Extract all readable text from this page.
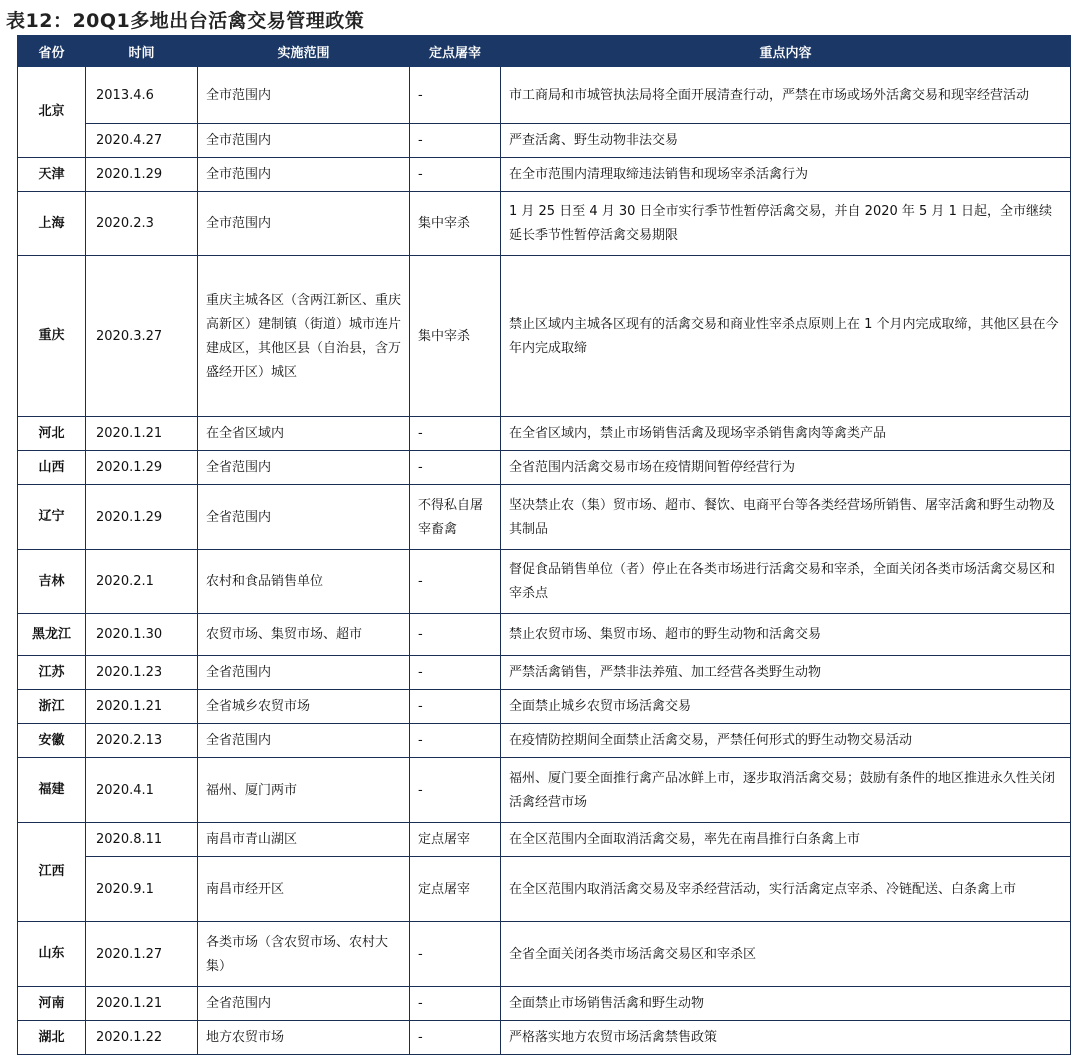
表12：20Q1多地出台活禽交易管理政策
省份	时间	实施范围	定点屠宰	重点内容
北京	2013.4.6	全市范围内	-	市工商局和市城管执法局将全面开展清查行动，严禁在市场或场外活禽交易和现宰经营活动
	2020.4.27	全市范围内	-	严查活禽、野生动物非法交易
天津	2020.1.29	全市范围内	-	在全市范围内清理取缔违法销售和现场宰杀活禽行为
上海	2020.2.3	全市范围内	集中宰杀	1 月 25 日至 4 月 30 日全市实行季节性暂停活禽交易，并自 2020 年 5 月 1 日起，全市继续延长季节性暂停活禽交易期限
重庆	2020.3.27	重庆主城各区（含两江新区、重庆高新区）建制镇（街道）城市连片建成区，其他区县（自治县，含万盛经开区）城区	集中宰杀	禁止区域内主城各区现有的活禽交易和商业性宰杀点原则上在 1 个月内完成取缔，其他区县在今年内完成取缔
河北	2020.1.21	在全省区域内	-	在全省区域内，禁止市场销售活禽及现场宰杀销售禽肉等禽类产品
山西	2020.1.29	全省范围内	-	全省范围内活禽交易市场在疫情期间暂停经营行为
辽宁	2020.1.29	全省范围内	不得私自屠宰畜禽	坚决禁止农（集）贸市场、超市、餐饮、电商平台等各类经营场所销售、屠宰活禽和野生动物及其制品
吉林	2020.2.1	农村和食品销售单位	-	督促食品销售单位（者）停止在各类市场进行活禽交易和宰杀，全面关闭各类市场活禽交易区和宰杀点
黑龙江	2020.1.30	农贸市场、集贸市场、超市	-	禁止农贸市场、集贸市场、超市的野生动物和活禽交易
江苏	2020.1.23	全省范围内	-	严禁活禽销售，严禁非法养殖、加工经营各类野生动物
浙江	2020.1.21	全省城乡农贸市场	-	全面禁止城乡农贸市场活禽交易
安徽	2020.2.13	全省范围内	-	在疫情防控期间全面禁止活禽交易，严禁任何形式的野生动物交易活动
福建	2020.4.1	福州、厦门两市	-	福州、厦门要全面推行禽产品冰鲜上市，逐步取消活禽交易；鼓励有条件的地区推进永久性关闭活禽经营市场
江西	2020.8.11	南昌市青山湖区	定点屠宰	在全区范围内全面取消活禽交易，率先在南昌推行白条禽上市
	2020.9.1	南昌市经开区	定点屠宰	在全区范围内取消活禽交易及宰杀经营活动，实行活禽定点宰杀、冷链配送、白条禽上市
山东	2020.1.27	各类市场（含农贸市场、农村大集）	-	全省全面关闭各类市场活禽交易区和宰杀区
河南	2020.1.21	全省范围内	-	全面禁止市场销售活禽和野生动物
湖北	2020.1.22	地方农贸市场	-	严格落实地方农贸市场活禽禁售政策
